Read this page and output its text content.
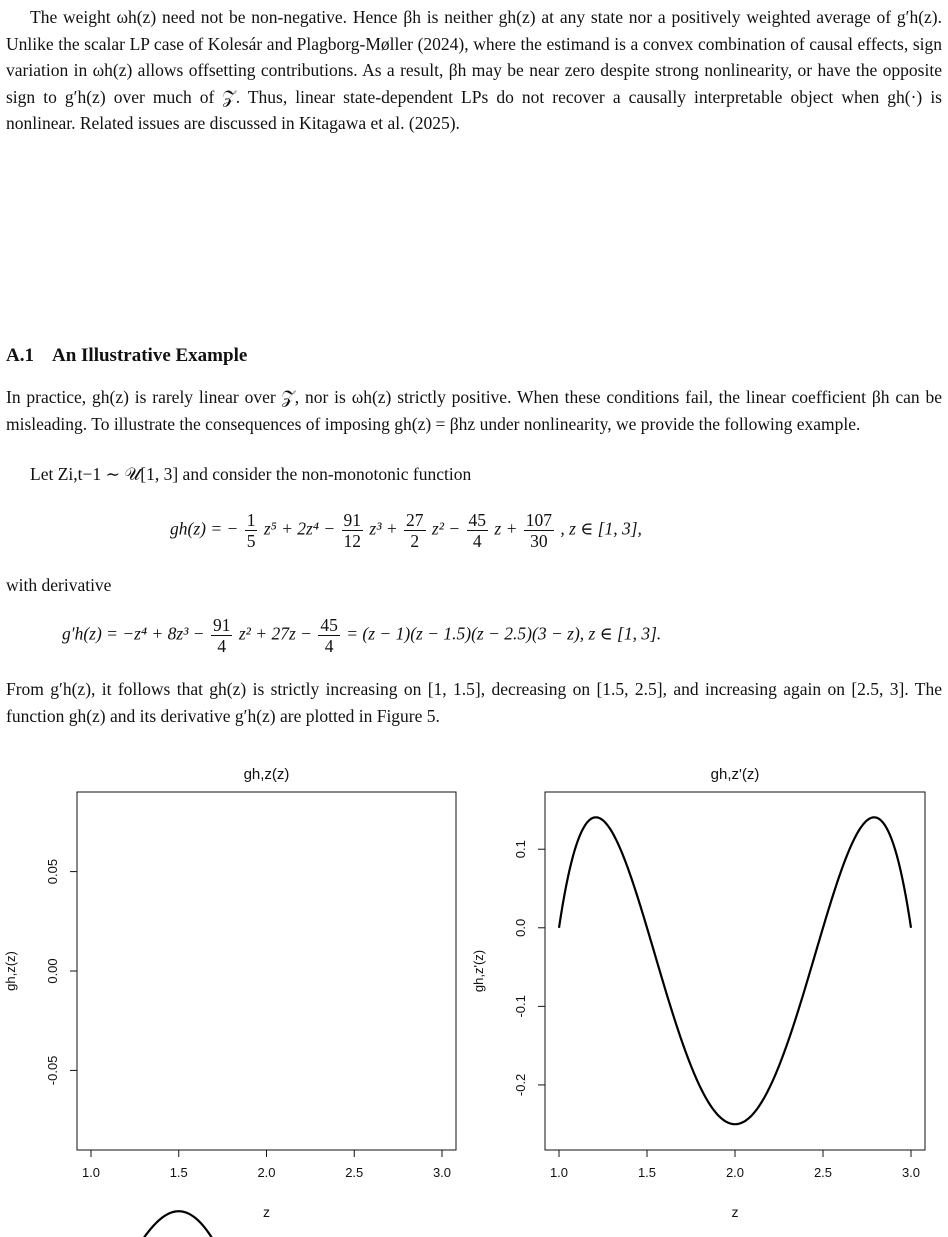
The weight ωh(z) need not be non-negative. Hence βh is neither gh(z) at any state nor a positively weighted average of g′h(z). Unlike the scalar LP case of Kolesár and Plagborg-Møller (2024), where the estimand is a convex combination of causal effects, sign variation in ωh(z) allows offsetting contributions. As a result, βh may be near zero despite strong nonlinearity, or have the opposite sign to g′h(z) over much of 𝒵. Thus, linear state-dependent LPs do not recover a causally interpretable object when gh(·) is nonlinear. Related issues are discussed in Kitagawa et al. (2025).

A.1 An Illustrative Example

In practice, gh(z) is rarely linear over 𝒵, nor is ωh(z) strictly positive. When these conditions fail, the linear coefficient βh can be misleading. To illustrate the consequences of imposing gh(z) = βhz under nonlinearity, we provide the following example.

Let Zi,t−1 ∼ 𝒰[1, 3] and consider the non-monotonic function

gh(z) = − $\frac{1}{5} z^5 + 2z^4 - \frac{91}{12} z^3 + \frac{27}{2} z^2 - \frac{45}{4}$ $z + \frac{107}{30}$ , z ∈ [1, 3],

with derivative

$g'h(z) = -z^4 + 8z^3 - \frac{91}{4} z^2 + 27z - \frac{45}{4} = (z - 1)(z - 1.5)(z - 2.5)(3 - z)$, z ∈ [1, 3].

From g′h(z), it follows that gh(z) is strictly increasing on [1, 1.5], decreasing on [1.5, 2.5], and increasing again on [2.5, 3]. The function gh(z) and its derivative g′h(z) are plotted in Figure 5.

1.0	1.5	2.0	2.5	3.0
-0.05
0.00
0.05
gh,z(z)
z
gh,z(z)
1.0	1.5	2.0	2.5	3.0
-0.2
-0.1
0.0
0.1
gh,z'(z)
z
gh,z'(z)
